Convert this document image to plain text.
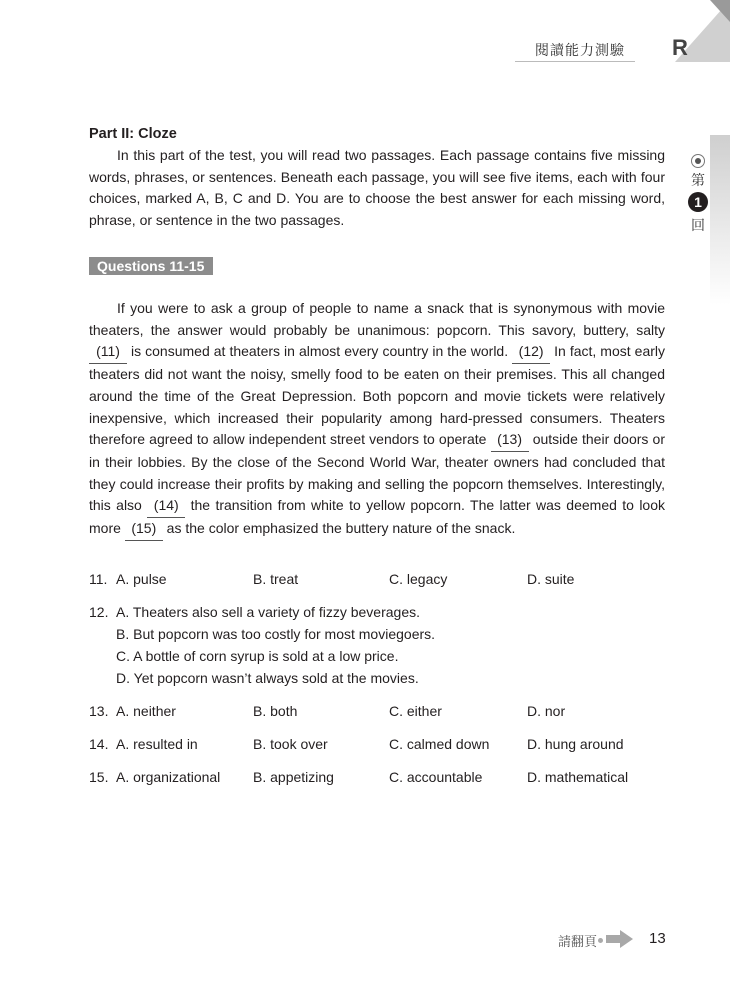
閱讀能力測驗 R
第
1
回
Part II: Cloze

In this part of the test, you will read two passages. Each passage contains five missing words, phrases, or sentences. Beneath each passage, you will see five items, each with four choices, marked A, B, C and D. You are to choose the best answer for each missing word, phrase, or sentence in the two passages.

Questions 11-15

If you were to ask a group of people to name a snack that is synonymous with movie theaters, the answer would probably be unanimous: popcorn. This savory, buttery, salty (11) is consumed at theaters in almost every country in the world. (12) In fact, most early theaters did not want the noisy, smelly food to be eaten on their premises. This all changed around the time of the Great Depression. Both popcorn and movie tickets were relatively inexpensive, which increased their popularity among hard-pressed consumers. Theaters therefore agreed to allow independent street vendors to operate (13) outside their doors or in their lobbies. By the close of the Second World War, theater owners had concluded that they could increase their profits by making and selling the popcorn themselves. Interestingly, this also (14) the transition from white to yellow popcorn. The latter was deemed to look more (15) as the color emphasized the buttery nature of the snack.

11. A. pulse	B. treat	C. legacy	D. suite
12. A. Theaters also sell a variety of fizzy beverages.
B. But popcorn was too costly for most moviegoers.
C. A bottle of corn syrup is sold at a low price.
D. Yet popcorn wasn’t always sold at the movies.
13. A. neither	B. both	C. either	D. nor
14. A. resulted in	B. took over	C. calmed down	D. hung around
15. A. organizational B. appetizing	C. accountable	D. mathematical
請翻頁	13
